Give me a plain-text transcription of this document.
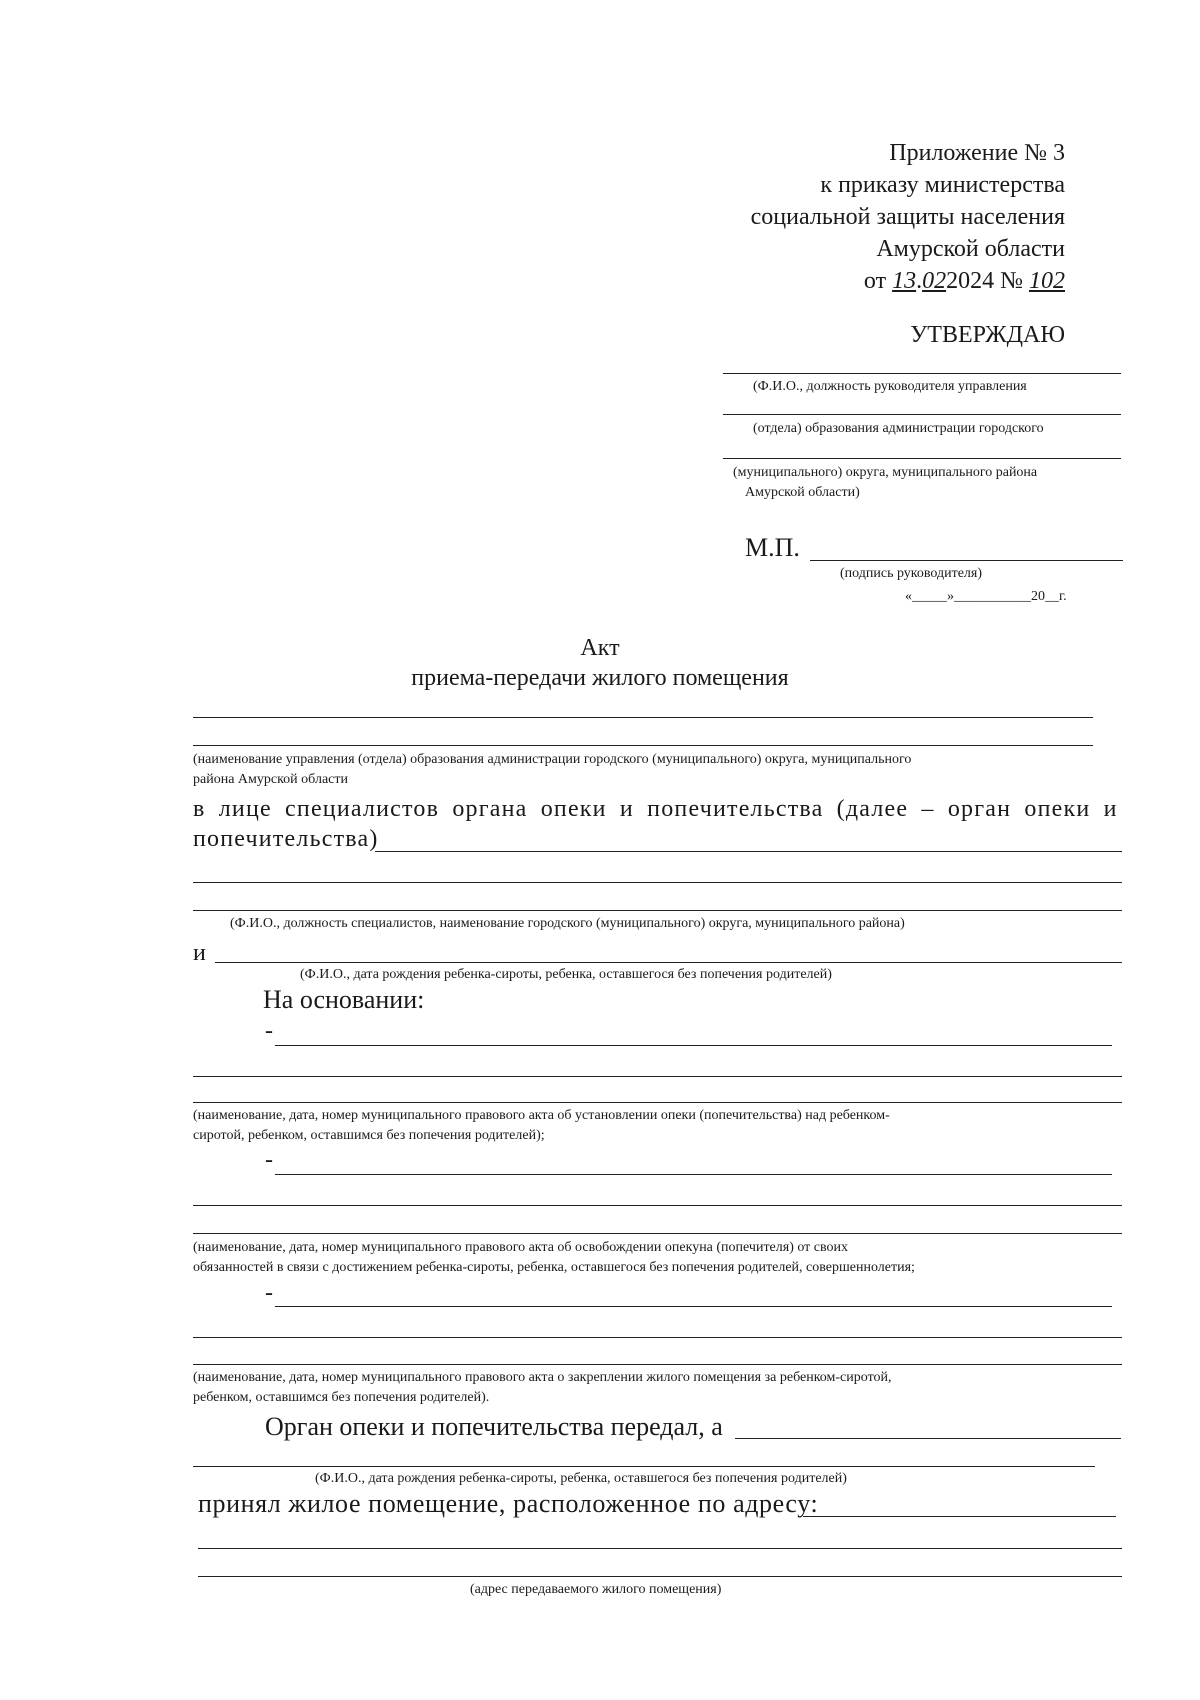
Приложение № 3
к приказу министерства
социальной защиты населения
Амурской области
от 13.022024 № 102
УТВЕРЖДАЮ
(Ф.И.О., должность руководителя управления
(отдела) образования администрации городского
(муниципального) округа, муниципального района
Амурской области)
М.П.
(подпись руководителя)
«_____»___________20__г.
Акт
приема-передачи жилого помещения
(наименование управления (отдела) образования администрации городского (муниципального) округа, муниципального
района Амурской области
в лице специалистов органа опеки и попечительства (далее – орган опеки и
попечительства)
(Ф.И.О., должность специалистов, наименование городского (муниципального) округа, муниципального района)
и
(Ф.И.О., дата рождения ребенка-сироты, ребенка, оставшегося без попечения родителей)
На основании:
-
(наименование, дата, номер муниципального правового акта об установлении опеки (попечительства) над ребенком-
сиротой, ребенком, оставшимся без попечения родителей);
-
(наименование, дата, номер муниципального правового акта об освобождении опекуна (попечителя) от своих
обязанностей в связи с достижением ребенка-сироты, ребенка, оставшегося без попечения родителей, совершеннолетия;
-
(наименование, дата, номер муниципального правового акта о закреплении жилого помещения за ребенком-сиротой,
ребенком, оставшимся без попечения родителей).
Орган опеки и попечительства передал, а
(Ф.И.О., дата рождения ребенка-сироты, ребенка, оставшегося без попечения родителей)
принял жилое помещение, расположенное по адресу:
(адрес передаваемого жилого помещения)
